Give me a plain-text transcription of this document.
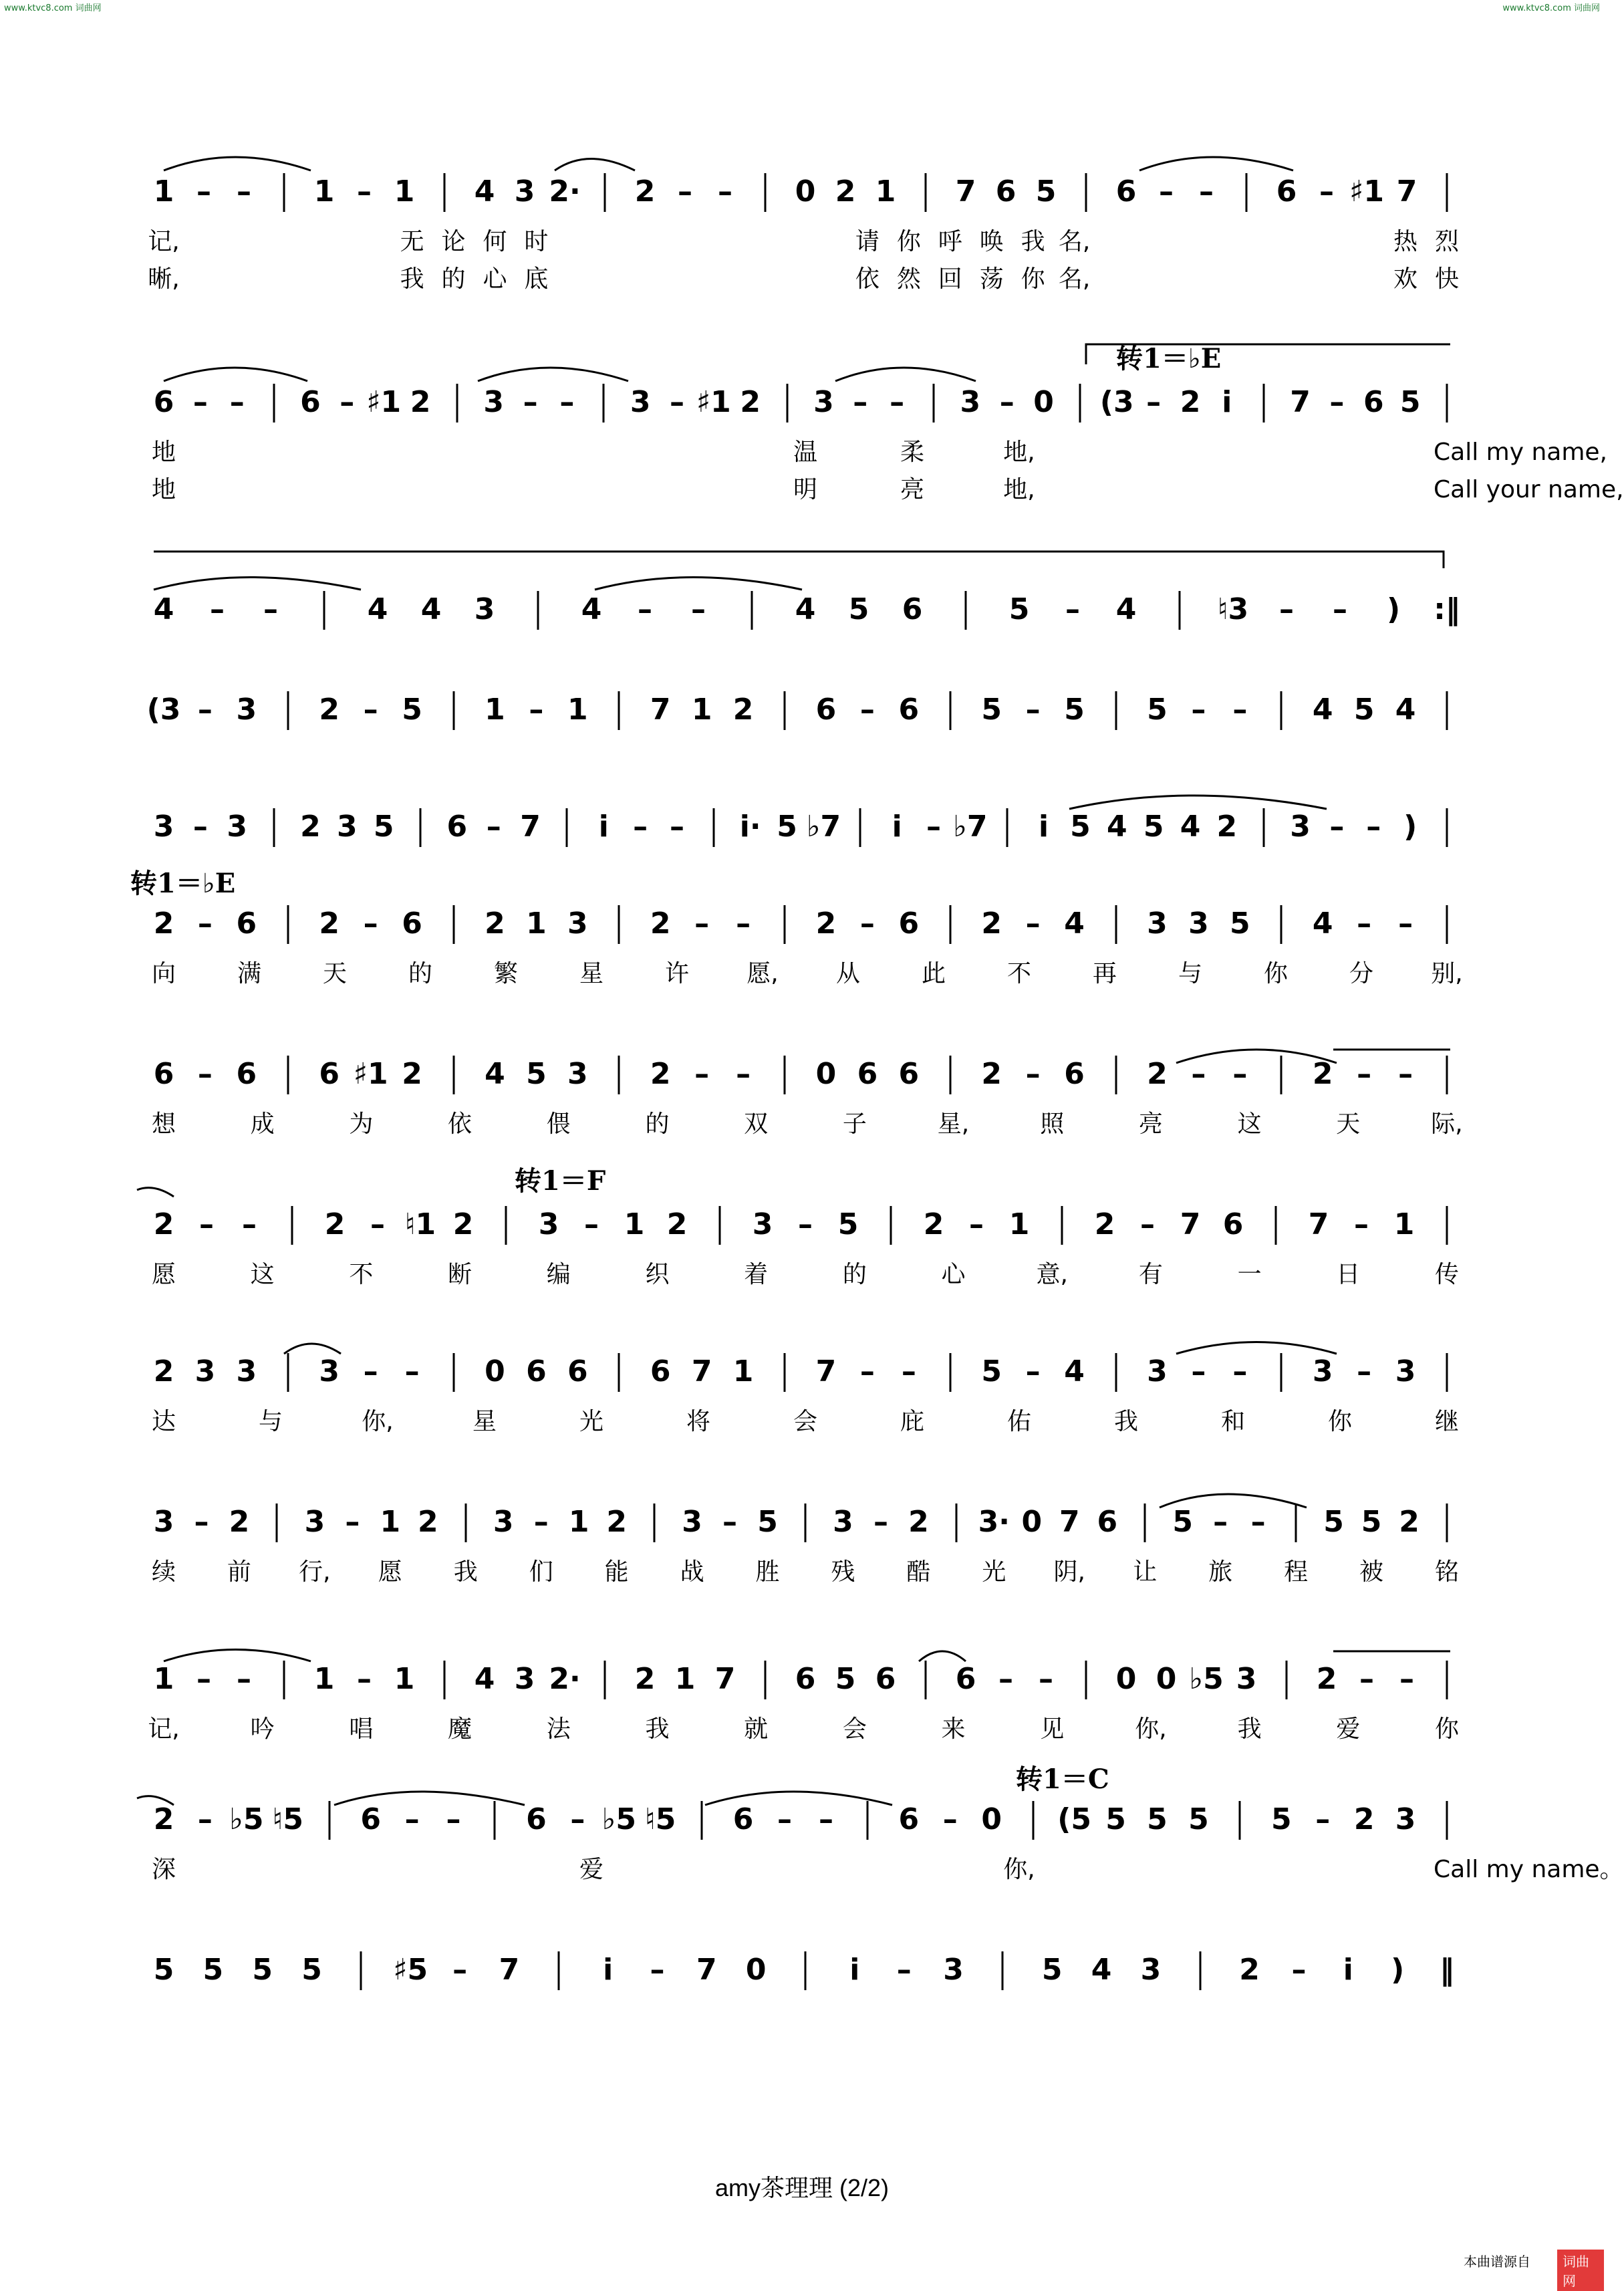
www.ktvc8.com 词曲网	www.ktvc8.com 词曲网
1 – – 1 – 1 4 3 2· 2 – – 0 2 1 7 6 5 6 – – 6 – ♯1 7
记,	无 论 何 时	请 你 呼 唤 我 名,	热 烈
晰,	我 的 心 底	依 然 回 荡 你 名,	欢 快
6 – – 6 – ♯1 2 3 – – 3 – ♯1 2 3 – – 3 – 0 (3 – 2 i 7 – 6 5
转1＝♭E
地	温	柔	地,	Call my name,
地	明	亮	地,	Call your name,
4 – –	4 4 3	4 – –	4 5 6	5 – 4	♮3 – – ) :‖
(3 – 3 2 – 5 1 – 1 7 1 2 6 – 6 5 – 5 5 – – 4 5 4
3 – 3 2 3 5 6 – 7 i – – i· 5 ♭7 i – ♭7 i 5 4 5 4 2 3 – – )
2 – 6 2 – 6 2 1 3 2 – – 2 – 6 2 – 4 3 3 5 4 – –
转1＝♭E
向	满	天	的	繁	星	许 愿, 从	此	不	再	与	你	分 别,
6 – 6 6 ♯1 2 4 5 3 2 – – 0 6 6 2 – 6 2 – – 2 – –
想	成	为	依	偎	的	双	子	星,	照	亮	这	天	际,
2 – – 2 – ♮1 2 3 – 1 2 3 – 5 2 – 1 2 – 7 6 7 – 1
转1＝F
愿	这	不	断	编	织	着	的	心	意,	有	一	日	传
2 3 3 3 – – 0 6 6 6 7 1 7 – – 5 – 4 3 – – 3 – 3
达	与	你,	星	光	将	会	庇	佑	我	和	你	继
3 – 2 3 – 1 2 3 – 1 2 3 – 5 3 – 2 3· 0 7 6 5 – – 5 5 2
续 前 行, 愿 我 们 能 战 胜 残 酷 光 阴, 让 旅 程 被 铭
1 – – 1 – 1 4 3 2· 2 1 7 6 5 6 6 – – 0 0 ♭5 3 2 – –
记,	吟	唱	魔	法	我	就	会	来	见	你,	我	爱	你
2 – ♭5 ♮5 6 – – 6 – ♭5 ♮5 6 – – 6 – 0 (5 5 5 5 5 – 2 3
转1＝C
深	爱	你,	Call my name。
5 5 5 5 ♯5 – 7	i – 7 0	i – 3	5 4 3	2 – i ) ‖
amy茶理理 (2/2)
本曲谱源自	词曲网
